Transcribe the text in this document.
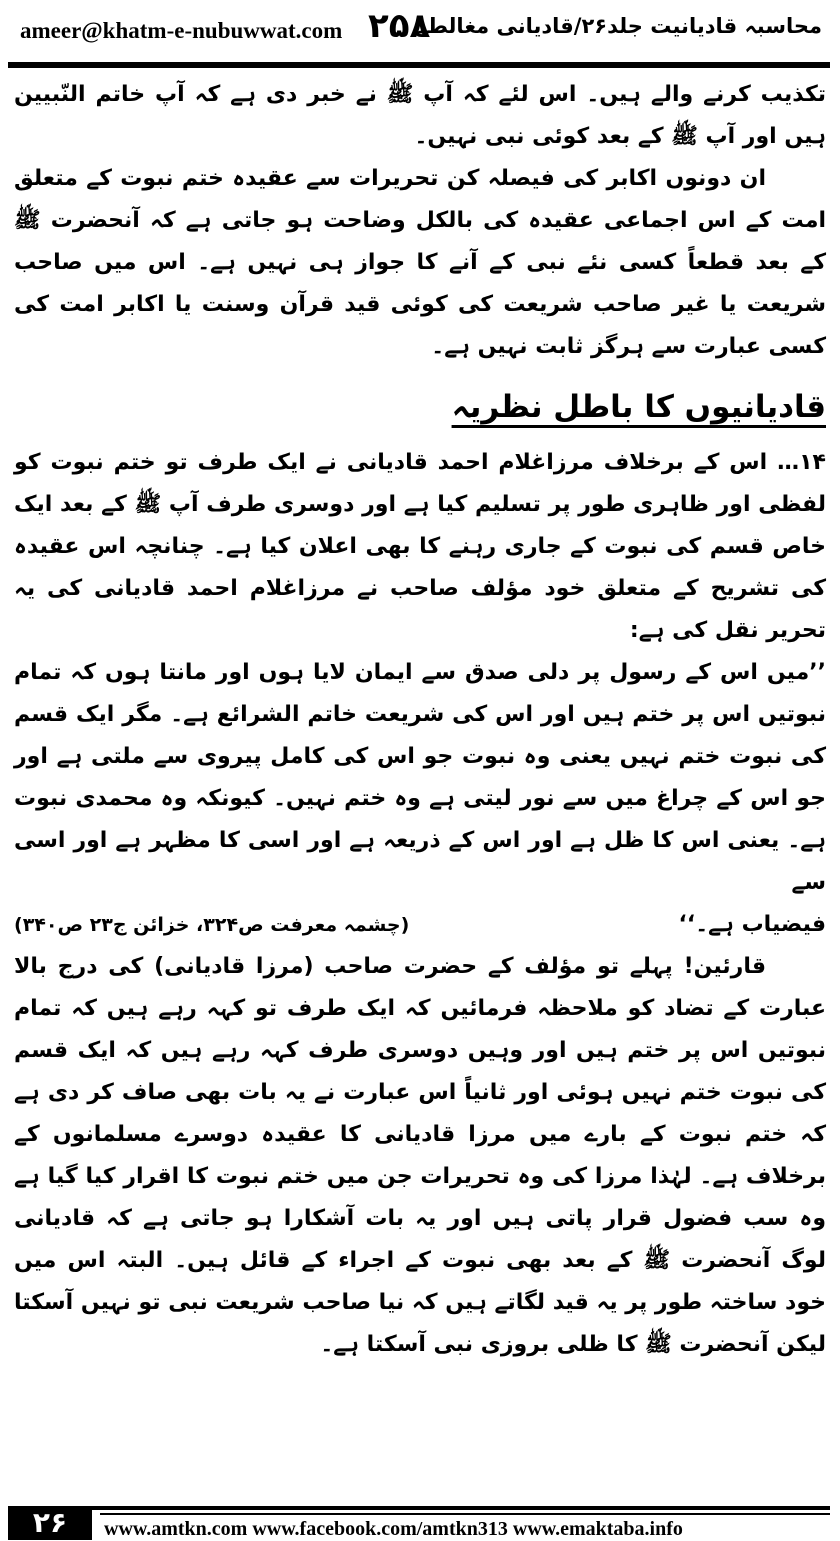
ameer@khatm-e-nubuwwat.com ۲۵۸
محاسبہ قادیانیت جلد۲۶/قادیانی مغالطے

تکذیب کرنے والے ہیں۔ اس لئے کہ آپ ﷺ نے خبر دی ہے کہ آپ خاتم النّبیین ہیں اور آپ ﷺ کے بعد کوئی نبی نہیں۔

ان دونوں اکابر کی فیصلہ کن تحریرات سے عقیدہ ختم نبوت کے متعلق امت کے اس اجماعی عقیدہ کی بالکل وضاحت ہو جاتی ہے کہ آنحضرت ﷺ کے بعد قطعاً کسی نئے نبی کے آنے کا جواز ہی نہیں ہے۔ اس میں صاحب شریعت یا غیر صاحب شریعت کی کوئی قید قرآن وسنت یا اکابر امت کی کسی عبارت سے ہرگز ثابت نہیں ہے۔

قادیانیوں کا باطل نظریہ

۱۴… اس کے برخلاف مرزاغلام احمد قادیانی نے ایک طرف تو ختم نبوت کو لفظی اور ظاہری طور پر تسلیم کیا ہے اور دوسری طرف آپ ﷺ کے بعد ایک خاص قسم کی نبوت کے جاری رہنے کا بھی اعلان کیا ہے۔ چنانچہ اس عقیدہ کی تشریح کے متعلق خود مؤلف صاحب نے مرزاغلام احمد قادیانی کی یہ تحریر نقل کی ہے:

’’میں اس کے رسول پر دلی صدق سے ایمان لایا ہوں اور مانتا ہوں کہ تمام نبوتیں اس پر ختم ہیں اور اس کی شریعت خاتم الشرائع ہے۔ مگر ایک قسم کی نبوت ختم نہیں یعنی وہ نبوت جو اس کی کامل پیروی سے ملتی ہے اور جو اس کے چراغ میں سے نور لیتی ہے وہ ختم نہیں۔ کیونکہ وہ محمدی نبوت ہے۔ یعنی اس کا ظل ہے اور اس کے ذریعہ ہے اور اسی کا مظہر ہے اور اسی سے

فیضیاب ہے۔‘‘
(چشمہ معرفت ص۳۲۴، خزائن ج۲۳ ص۳۴۰)

قارئین! پہلے تو مؤلف کے حضرت صاحب (مرزا قادیانی) کی درج بالا عبارت کے تضاد کو ملاحظہ فرمائیں کہ ایک طرف تو کہہ رہے ہیں کہ تمام نبوتیں اس پر ختم ہیں اور وہیں دوسری طرف کہہ رہے ہیں کہ ایک قسم کی نبوت ختم نہیں ہوئی اور ثانیاً اس عبارت نے یہ بات بھی صاف کر دی ہے کہ ختم نبوت کے بارے میں مرزا قادیانی کا عقیدہ دوسرے مسلمانوں کے برخلاف ہے۔ لہٰذا مرزا کی وہ تحریرات جن میں ختم نبوت کا اقرار کیا گیا ہے وہ سب فضول قرار پاتی ہیں اور یہ بات آشکارا ہو جاتی ہے کہ قادیانی لوگ آنحضرت ﷺ کے بعد بھی نبوت کے اجراء کے قائل ہیں۔ البتہ اس میں خود ساختہ طور پر یہ قید لگاتے ہیں کہ نیا صاحب شریعت نبی تو نہیں آسکتا لیکن آنحضرت ﷺ کا ظلی بروزی نبی آسکتا ہے۔

۲۶	www.amtkn.com www.facebook.com/amtkn313 www.emaktaba.info
